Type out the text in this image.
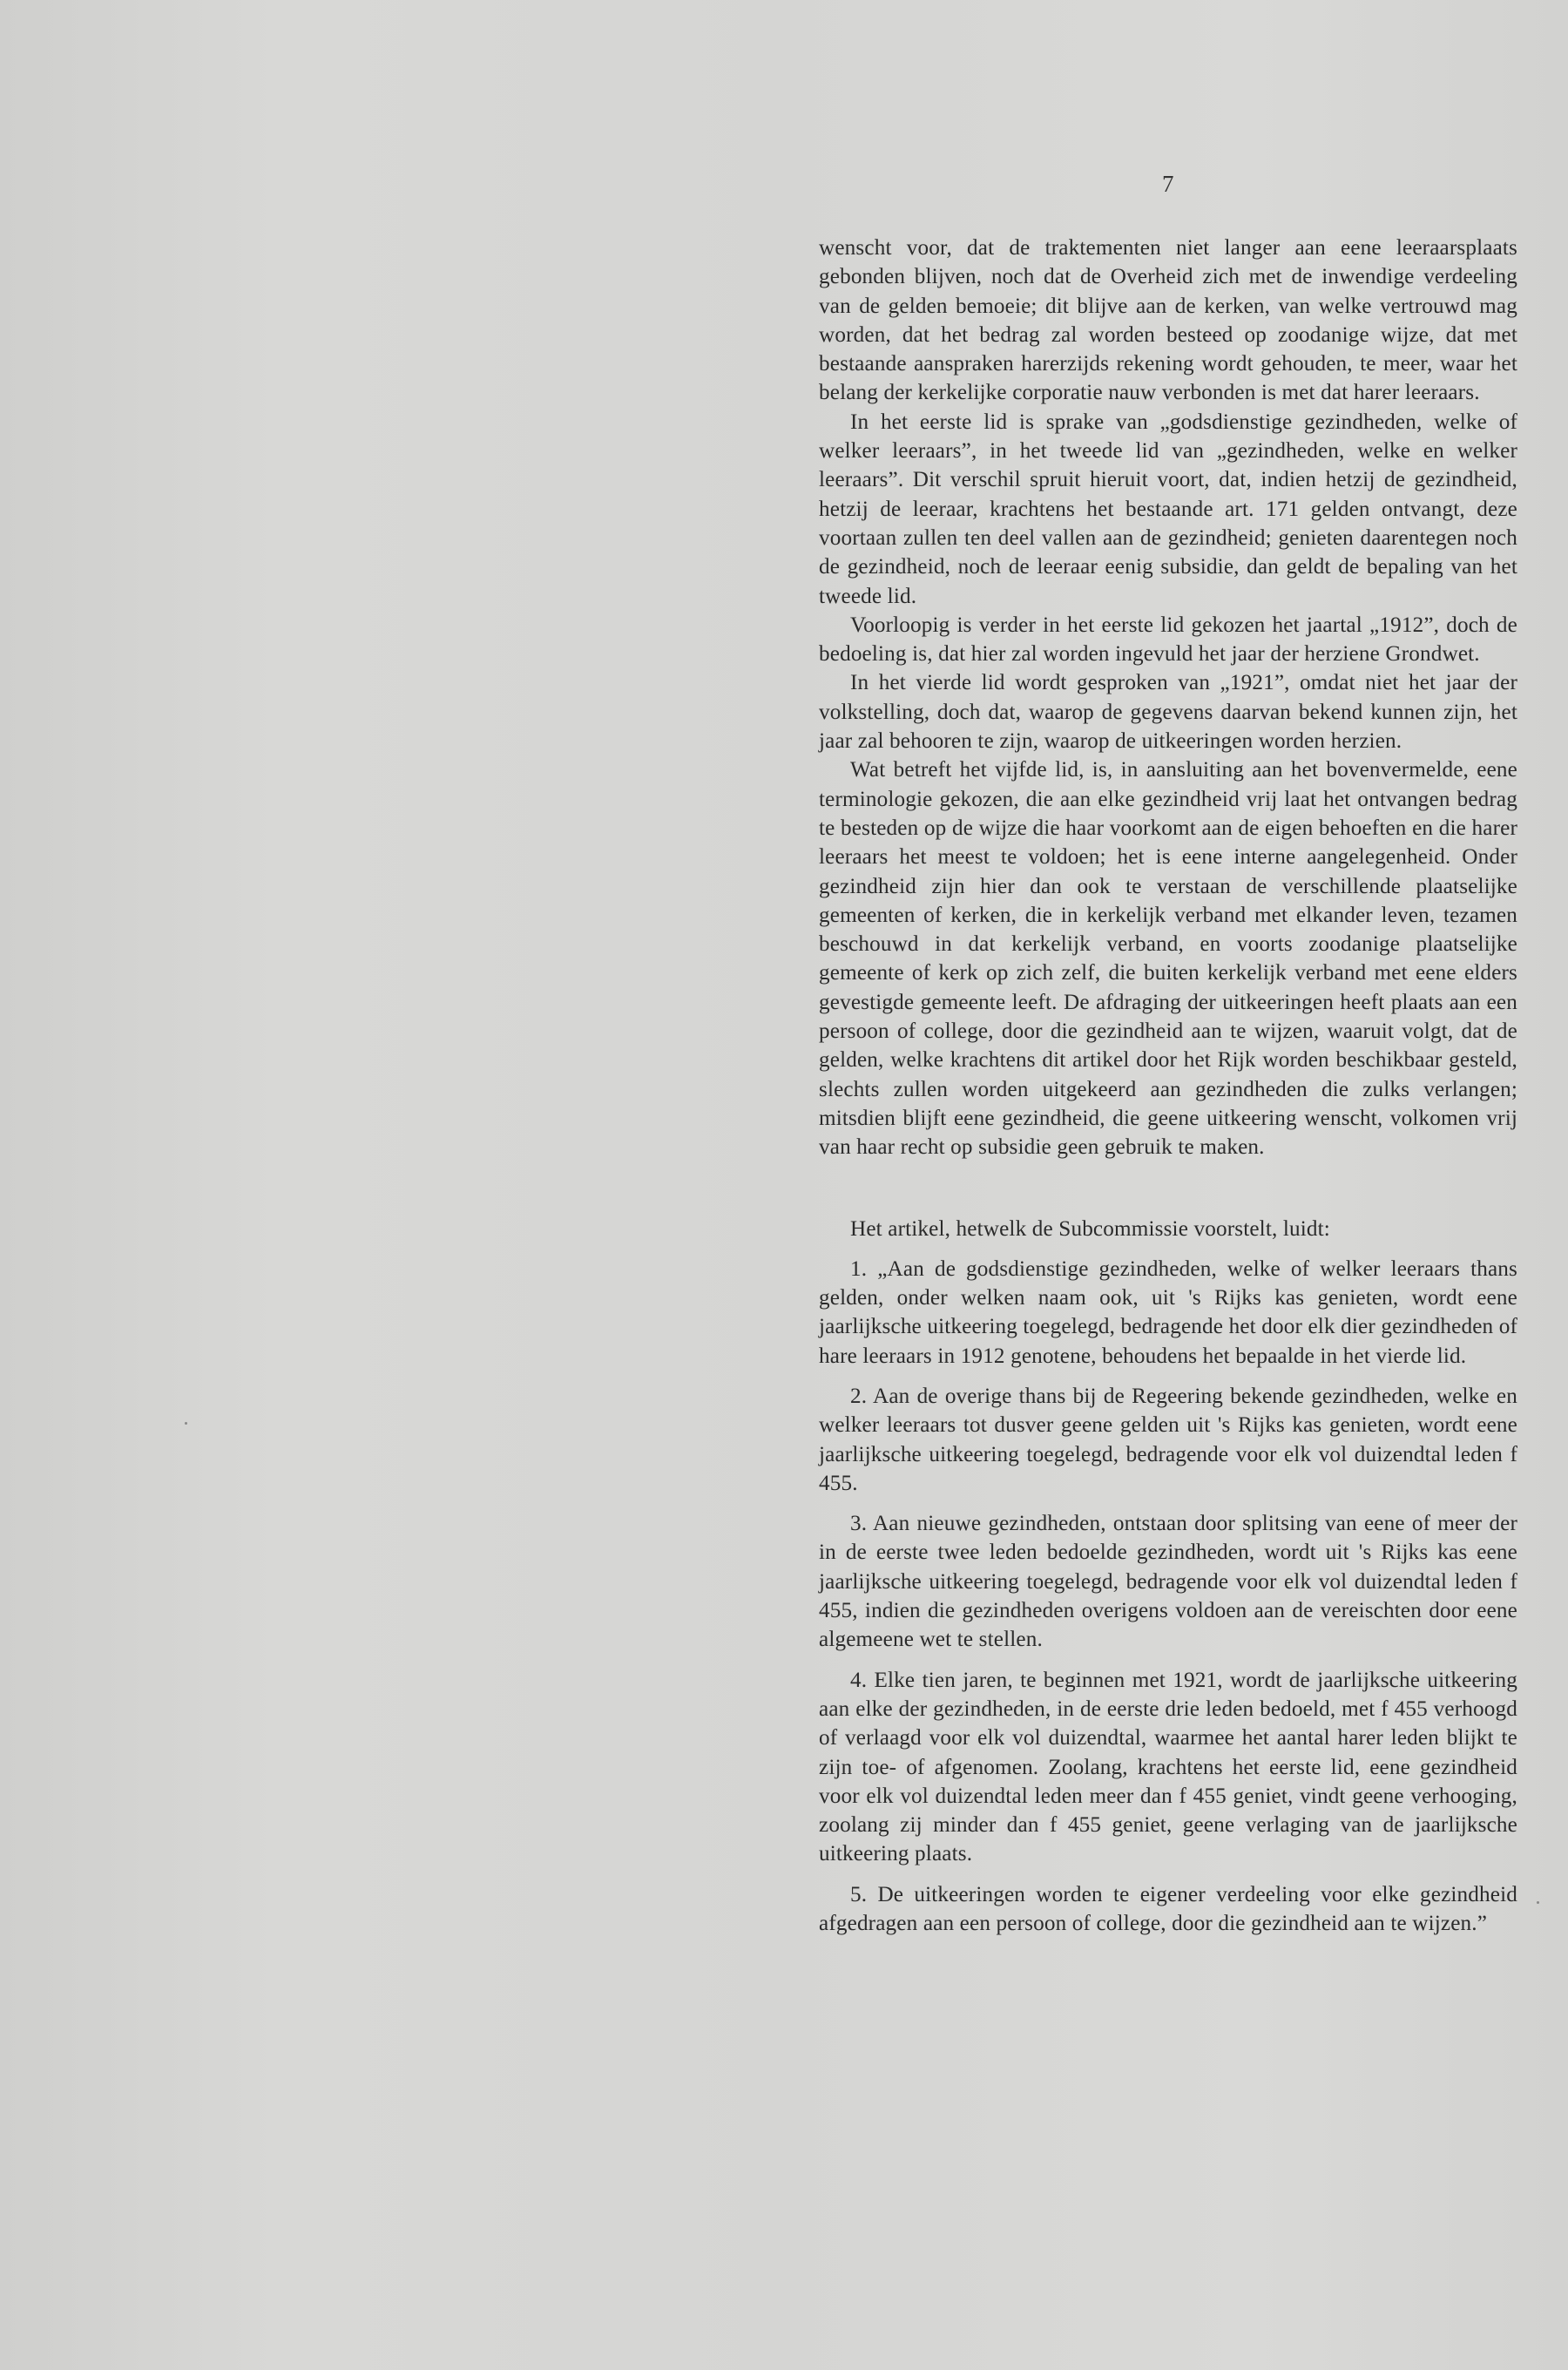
7

wenscht voor, dat de traktementen niet langer aan eene leeraarsplaats gebonden blijven, noch dat de Overheid zich met de inwendige verdeeling van de gelden bemoeie; dit blijve aan de kerken, van welke vertrouwd mag worden, dat het bedrag zal worden besteed op zoodanige wijze, dat met bestaande aanspraken harerzijds rekening wordt gehouden, te meer, waar het belang der kerkelijke corporatie nauw verbonden is met dat harer leeraars.

In het eerste lid is sprake van „godsdienstige gezindheden, welke of welker leeraars”, in het tweede lid van „gezindheden, welke en welker leeraars”. Dit verschil spruit hieruit voort, dat, indien hetzij de gezindheid, hetzij de leeraar, krachtens het bestaande art. 171 gelden ontvangt, deze voortaan zullen ten deel vallen aan de gezindheid; genieten daarentegen noch de gezindheid, noch de leeraar eenig subsidie, dan geldt de bepaling van het tweede lid.

Voorloopig is verder in het eerste lid gekozen het jaartal „1912”, doch de bedoeling is, dat hier zal worden ingevuld het jaar der herziene Grondwet.

In het vierde lid wordt gesproken van „1921”, omdat niet het jaar der volkstelling, doch dat, waarop de gegevens daarvan bekend kunnen zijn, het jaar zal behooren te zijn, waarop de uitkeeringen worden herzien.

Wat betreft het vijfde lid, is, in aansluiting aan het bovenvermelde, eene terminologie gekozen, die aan elke gezindheid vrij laat het ontvangen bedrag te besteden op de wijze die haar voorkomt aan de eigen behoeften en die harer leeraars het meest te voldoen; het is eene interne aangelegenheid. Onder gezindheid zijn hier dan ook te verstaan de verschillende plaatselijke gemeenten of kerken, die in kerkelijk verband met elkander leven, tezamen beschouwd in dat kerkelijk verband, en voorts zoodanige plaatselijke gemeente of kerk op zich zelf, die buiten kerkelijk verband met eene elders gevestigde gemeente leeft. De afdraging der uitkeeringen heeft plaats aan een persoon of college, door die gezindheid aan te wijzen, waaruit volgt, dat de gelden, welke krachtens dit artikel door het Rijk worden beschikbaar gesteld, slechts zullen worden uitgekeerd aan gezindheden die zulks verlangen; mitsdien blijft eene gezindheid, die geene uitkeering wenscht, volkomen vrij van haar recht op subsidie geen gebruik te maken.

Het artikel, hetwelk de Subcommissie voorstelt, luidt:

1. „Aan de godsdienstige gezindheden, welke of welker leeraars thans gelden, onder welken naam ook, uit 's Rijks kas genieten, wordt eene jaarlijksche uitkeering toegelegd, bedragende het door elk dier gezindheden of hare leeraars in 1912 genotene, behoudens het bepaalde in het vierde lid.

2. Aan de overige thans bij de Regeering bekende gezindheden, welke en welker leeraars tot dusver geene gelden uit 's Rijks kas genieten, wordt eene jaarlijksche uitkeering toegelegd, bedragende voor elk vol duizendtal leden f 455.

3. Aan nieuwe gezindheden, ontstaan door splitsing van eene of meer der in de eerste twee leden bedoelde gezindheden, wordt uit 's Rijks kas eene jaarlijksche uitkeering toegelegd, bedragende voor elk vol duizendtal leden f 455, indien die gezindheden overigens voldoen aan de vereischten door eene algemeene wet te stellen.

4. Elke tien jaren, te beginnen met 1921, wordt de jaarlijksche uitkeering aan elke der gezindheden, in de eerste drie leden bedoeld, met f 455 verhoogd of verlaagd voor elk vol duizendtal, waarmee het aantal harer leden blijkt te zijn toe- of afgenomen. Zoolang, krachtens het eerste lid, eene gezindheid voor elk vol duizendtal leden meer dan f 455 geniet, vindt geene verhooging, zoolang zij minder dan f 455 geniet, geene verlaging van de jaarlijksche uitkeering plaats.

5. De uitkeeringen worden te eigener verdeeling voor elke gezindheid afgedragen aan een persoon of college, door die gezindheid aan te wijzen.”
